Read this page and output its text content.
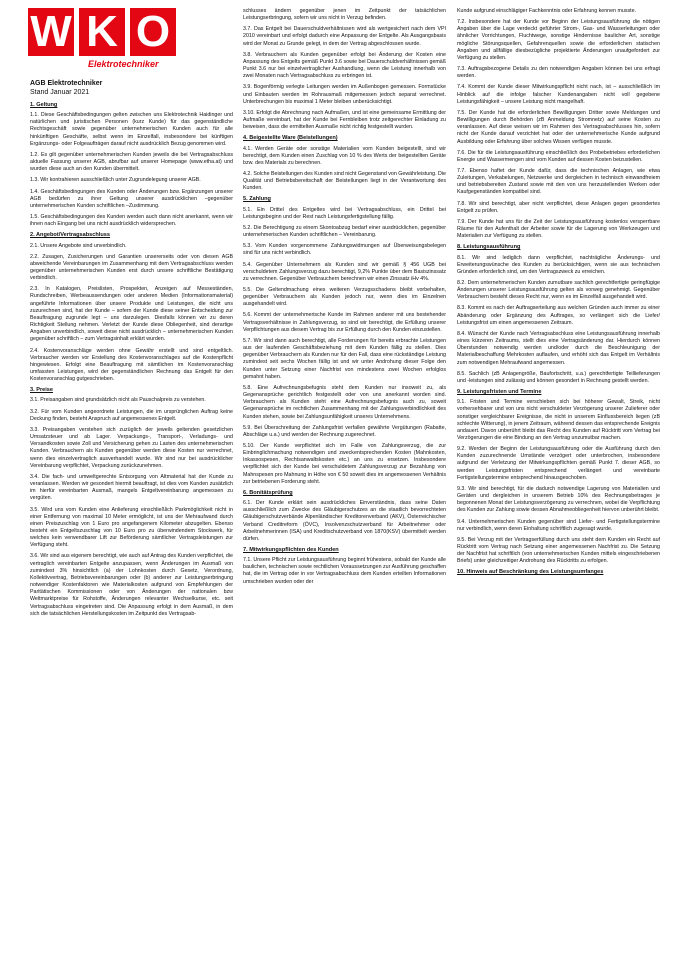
W K O
Elektrotechniker
AGB Elektrotechniker
Stand Januar 2021
1. Geltung

1.1. Diese Geschäftsbedingungen gelten zwischen uns Elektrotechnik Haidinger und natürlichen und juristischen Personen (kurz Kunde) für das gegenständliche Rechtsgeschäft sowie gegenüber unternehmerischen Kunden auch für alle hinkünftigen Geschäfte, selbst wenn im Einzelfall, insbesondere bei künftigen Ergänzungs- oder Folgeaufträgen darauf nicht ausdrücklich Bezug genommen wird.

1.2. Es gilt gegenüber unternehmerischen Kunden jeweils die bei Vertragsabschluss aktuelle Fassung unserer AGB, abrufbar auf unserer Homepage (www.etha.at) und wurden diese auch an den Kunden übermittelt.

1.3. Wir kontrahieren ausschließlich unter Zugrundelegung unserer AGB.

1.4. Geschäftsbedingungen des Kunden oder Änderungen bzw. Ergänzungen unserer AGB bedürfen zu ihrer Geltung unserer ausdrücklichen –gegenüber unternehmerischen Kunden schriftlichen –Zustimmung.

1.5. Geschäftsbedingungen des Kunden werden auch dann nicht anerkannt, wenn wir ihnen nach Eingang bei uns nicht ausdrücklich widersprechen.

2. Angebot/Vertragsabschluss

2.1. Unsere Angebote sind unverbindlich.

2.2. Zusagen, Zusicherungen und Garantien unsererseits oder von diesen AGB abweichende Vereinbarungen im Zusammenhang mit dem Vertragsabschluss werden gegenüber unternehmerischen Kunden erst durch unsere schriftliche Bestätigung verbindlich.

2.3. In Katalogen, Preislisten, Prospekten, Anzeigen auf Messeständen, Rundschreiben, Werbeaussendungen oder anderen Medien (Informationsmaterial) angeführte Informationen über unsere Produkte und Leistungen, die nicht uns zuzurechnen sind, hat der Kunde – sofern der Kunde diese seiner Entscheidung zur Beauftragung zugrunde legt – uns darzulegen. Diesfalls können wir zu deren Richtigkeit Stellung nehmen. Verletzt der Kunde diese Obliegenheit, sind derartige Angaben unverbindlich, soweit diese nicht ausdrücklich – unternehmerischen Kunden gegenüber schriftlich – zum Vertragsinhalt erklärt wurden.

2.4. Kostenvoranschläge werden ohne Gewähr erstellt und sind entgeltlich. Verbraucher werden vor Erstellung des Kostenvoranschlages auf die Kostenpflicht hingewiesen. Erfolgt eine Beauftragung mit sämtlichen im Kostenvoranschlag umfassten Leistungen, wird der gegenständlichen Rechnung das Entgelt für den Kostenvoranschlag gutgeschrieben.

3. Preise

3.1. Preisangaben sind grundsätzlich nicht als Pauschalpreis zu verstehen.

3.2. Für vom Kunden angeordnete Leistungen, die im ursprünglichen Auftrag keine Deckung finden, besteht Anspruch auf angemessenes Entgelt.

3.3. Preisangaben verstehen sich zuzüglich der jeweils geltenden gesetzlichen Umsatzsteuer und ab Lager. Verpackungs-, Transport-, Verladungs- und Versandkosten sowie Zoll und Versicherung gehen zu Lasten des unternehmerischen Kunden. Verbrauchern als Kunden gegenüber werden diese Kosten nur verrechnet, wenn dies einzelvertraglich ausverhandelt wurde. Wir sind nur bei ausdrücklicher Vereinbarung verpflichtet, Verpackung zurückzunehmen.

3.4. Die fach- und umweltgerechte Entsorgung von Altmaterial hat der Kunde zu veranlassen. Werden wir gesondert hiermit beauftragt, ist dies vom Kunden zusätzlich im hierfür vereinbarten Ausmaß, mangels Entgeltvereinbarung angemessen zu vergüten.

3.5. Wird uns vom Kunden eine Anlieferung einschließlich Parkmöglichkeit nicht in einer Entfernung von maximal 10 Meter ermöglicht, ist uns der Mehraufwand durch einen Preiszuschlag von 1 Euro pro angefangenem Kilometer abzugelten. Ebenso besteht ein Entgeltszuschlag von 10 Euro pro zu überwindendem Stockwerk, für welches kein verwendbarer Lift zur Beförderung sämtlicher Vertragsleistungen zur Verfügung steht.

3.6. Wir sind aus eigenem berechtigt, wie auch auf Antrag des Kunden verpflichtet, die vertraglich vereinbarten Entgelte anzupassen, wenn Änderungen im Ausmaß von zumindest 3% hinsichtlich (a) der Lohnkosten durch Gesetz, Verordnung, Kollektivvertrag, Betriebsvereinbarungen oder (b) anderer zur Leistungserbringung notwendiger Kostenfaktoren wie Materialkosten aufgrund von Empfehlungen der Paritätischen Kommissionen oder von Änderungen der nationalen bzw Weltmarktpreise für Rohstoffe, Änderungen relevanter Wechselkurse, etc. seit Vertragsabschluss eingetreten sind. Die Anpassung erfolgt in dem Ausmaß, in dem sich die tatsächlichen Herstellungskosten im Zeitpunkt des Vertragsab-

schlusses ändern gegenüber jenen im Zeitpunkt der tatsächlichen Leistungserbringung, sofern wir uns nicht in Verzug befinden.

3.7. Das Entgelt bei Dauerschuldverhältnissen wird als wertgesichert nach dem VPI 2010 vereinbart und erfolgt dadurch eine Anpassung der Entgelte. Als Ausgangsbasis wird der Monat zu Grunde gelegt, in dem der Vertrag abgeschlossen wurde.

3.8. Verbrauchern als Kunden gegenüber erfolgt bei Änderung der Kosten eine Anpassung des Entgelts gemäß Punkt 3.6 sowie bei Dauerschuldverhältnissen gemäß Punkt 3.6 nur bei einzelvertraglicher Aushandlung, wenn die Leistung innerhalb von zwei Monaten nach Vertragsabschluss zu erbringen ist.

3.9. Bogenförmig verlegte Leitungen werden im Außenbogen gemessen. Formstücke und Einbauten werden im Rohrausmaß mitgemessen jedoch separat verrechnet. Unterbrechungen bis maximal 1 Meter bleiben unberücksichtigt.

3.10. Erfolgt die Abrechnung nach Aufmaßen, und ist eine gemeinsame Ermittlung der Aufmaße vereinbart, hat der Kunde bei Fernbleiben trotz zeitgerechter Einladung zu beweisen, dass die ermittelten Ausmaße nicht richtig festgestellt wurden.

4. Beigestellte Ware (Beistellungen)

4.1. Werden Geräte oder sonstige Materialien vom Kunden beigestellt, sind wir berechtigt, dem Kunden einen Zuschlag von 10 % des Werts der beigestellten Geräte bzw. des Materials zu berechnen.

4.2. Solche Beistellungen des Kunden sind nicht Gegenstand von Gewährleistung. Die Qualität und Betriebsbereitschaft der Beistellungen liegt in der Verantwortung des Kunden.

5. Zahlung

5.1. Ein Drittel des Entgeltes wird bei Vertragsabschluss, ein Drittel bei Leistungsbeginn und der Rest nach Leistungsfertigstellung fällig.

5.2. Die Berechtigung zu einem Skontoabzug bedarf einer ausdrücklichen, gegenüber unternehmerischen Kunden schriftlichen – Vereinbarung.

5.3. Vom Kunden vorgenommene Zahlungswidmungen auf Überweisungsbelegen sind für uns nicht verbindlich.

5.4. Gegenüber Unternehmern als Kunden sind wir gemäß § 456 UGB bei verschuldetem Zahlungsverzug dazu berechtigt, 9,2% Punkte über dem Basiszinssatz zu verrechnen. Gegenüber Verbrauchern berechnen wir einen Zinssatz iHv 4%.

5.5. Die Geltendmachung eines weiteren Verzugsschadens bleibt vorbehalten, gegenüber Verbrauchern als Kunden jedoch nur, wenn dies im Einzelnen ausgehandelt wird.

5.6. Kommt der unternehmerische Kunde im Rahmen anderer mit uns bestehender Vertragsverhältnisse in Zahlungsverzug, so sind wir berechtigt, die Erfüllung unserer Verpflichtungen aus diesem Vertrag bis zur Erfüllung durch den Kunden einzustellen.

5.7. Wir sind dann auch berechtigt, alle Forderungen für bereits erbrachte Leistungen aus der laufenden Geschäftsbeziehung mit dem Kunden fällig zu stellen. Dies gegenüber Verbrauchern als Kunden nur für den Fall, dass eine rückständige Leistung zumindest seit sechs Wochen fällig ist und wir unter Androhung dieser Folge den Kunden unter Setzung einer Nachfrist von mindestens zwei Wochen erfolglos gemahnt haben.

5.8. Eine Aufrechnungsbefugnis steht dem Kunden nur insoweit zu, als Gegenansprüche gerichtlich festgestellt oder von uns anerkannt worden sind. Verbrauchern als Kunden steht eine Aufrechnungsbefugnis auch zu, soweit Gegenansprüche im rechtlichen Zusammenhang mit der Zahlungsverbindlichkeit des Kunden stehen, sowie bei Zahlungsunfähigkeit unseres Unternehmens.

5.9. Bei Überschreitung der Zahlungsfrist verfallen gewährte Vergütungen (Rabatte, Abschläge u.a.) und werden der Rechnung zugerechnet.

5.10. Der Kunde verpflichtet sich im Falle von Zahlungsverzug, die zur Einbringlichmachung notwendigen und zweckentsprechenden Kosten (Mahnkosten, Inkassospesen, Rechtsanwaltskosten etc.) an uns zu ersetzen. Insbesondere verpflichtet sich der Kunde bei verschuldetem Zahlungsverzug zur Bezahlung von Mahnspesen pro Mahnung in Höhe von € 50 soweit dies im angemessenen Verhältnis zur betriebenen Forderung steht.

6. Bonitätsprüfung

6.1. Der Kunde erklärt sein ausdrückliches Einverständnis, dass seine Daten ausschließlich zum Zwecke des Gläubigerschutzes an die staatlich bevorrechteten Gläubigerschutzverbände Alpenländischer Kreditorenverband (AKV), Österreichischer Verband Creditreform (ÖVC), Insolvenzschutzverband für Arbeitnehmer oder Arbeitnehmerinnen (ISA) und Kreditschutzverband von 1870(KSV) übermittelt werden dürfen.

7. Mitwirkungspflichten des Kunden

7.1. Unsere Pflicht zur Leistungsausführung beginnt frühestens, sobald der Kunde alle baulichen, technischen sowie rechtlichen Voraussetzungen zur Ausführung geschaffen hat, die im Vertrag oder in vor Vertragsabschluss dem Kunden erteilten Informationen umschrieben wurden oder der

Kunde aufgrund einschlägiger Fachkenntnis oder Erfahrung kennen musste.

7.2. Insbesondere hat der Kunde vor Beginn der Leistungsausführung die nötigen Angaben über die Lage verdeckt geführter Strom-, Gas- und Wasserleitungen oder ähnlicher Vorrichtungen, Fluchtwege, sonstige Hindernisse baulicher Art, sonstige mögliche Störungsquellen, Gefahrenquellen sowie die erforderlichen statischen Angaben und allfällige diesbezügliche projektierte Änderungen unaufgefordert zur Verfügung zu stellen.

7.3. Auftragsbezogene Details zu den notwendigen Angaben können bei uns erfragt werden.

7.4. Kommt der Kunde dieser Mitwirkungspflicht nicht nach, ist – ausschließlich im Hinblick auf die infolge falscher Kundenangaben nicht voll gegebene Leistungsfähigkeit – unsere Leistung nicht mangelhaft.

7.5. Der Kunde hat die erforderlichen Bewilligungen Dritter sowie Meldungen und Bewilligungen durch Behörden (zB Anmeldung Stromnetz) auf seine Kosten zu veranlassen. Auf diese weisen wir im Rahmen des Vertragsabschlusses hin, sofern nicht der Kunde darauf verzichtet hat oder der unternehmerische Kunde aufgrund Ausbildung oder Erfahrung über solches Wissen verfügen musste.

7.6. Die für die Leistungsausführung einschließlich des Probebetriebes erforderlichen Energie und Wassermengen sind vom Kunden auf dessen Kosten beizustellen.

7.7. Ebenso haftet der Kunde dafür, dass die technischen Anlagen, wie etwa Zuleitungen, Verkabelungen, Netzwerke und dergleichen in technisch einwandfreiem und betriebsbereiten Zustand sowie mit den von uns herzustellenden Werken oder Kaufgegenständen kompatibel sind.

7.8. Wir sind berechtigt, aber nicht verpflichtet, diese Anlagen gegen gesondertes Entgelt zu prüfen.

7.9. Der Kunde hat uns für die Zeit der Leistungsausführung kostenlos versperrbare Räume für den Aufenthalt der Arbeiter sowie für die Lagerung von Werkzeugen und Materialien zur Verfügung zu stellen.

8. Leistungsausführung

8.1. Wir sind lediglich dann verpflichtet, nachträgliche Änderungs- und Erweiterungswünsche des Kunden zu berücksichtigen, wenn sie aus technischen Gründen erforderlich sind, um den Vertragszweck zu erreichen.

8.2. Dem unternehmerischen Kunden zumutbare sachlich gerechtfertigte geringfügige Änderungen unserer Leistungsausführung gelten als vorweg genehmigt. Gegenüber Verbrauchern besteht dieses Recht nur, wenn es im Einzelfall ausgehandelt wird.

8.3. Kommt es nach der Auftragserteilung aus welchen Gründen auch immer zu einer Abänderung oder Ergänzung des Auftrages, so verlängert sich die Liefer/ Leistungsfrist um einen angemessenen Zeitraum.

8.4. Wünscht der Kunde nach Vertragsabschluss eine Leistungsausführung innerhalb eines kürzeren Zeitraums, stellt dies eine Vertragsänderung dar. Hierdurch können Überstunden notwendig werden und/oder durch die Beschleunigung der Materialbeschaffung Mehrkosten auflaufen, und erhöht sich das Entgelt im Verhältnis zum notwendigen Mehraufwand angemessen.

8.5. Sachlich (zB Anlagengröße, Baufortschritt, u.a.) gerechtfertigte Teillieferungen und -leistungen sind zulässig und können gesondert in Rechnung gestellt werden.

9. Leistungsfristen und Termine

9.1. Fristen und Termine verschieben sich bei höherer Gewalt, Streik, nicht vorhersehbarer und von uns nicht verschuldeter Verzögerung unserer Zulieferer oder sonstiger vergleichbarer Ereignisse, die nicht in unserem Einflussbereich liegen (zB schlechte Witterung), in jenem Zeitraum, während dessen das entsprechende Ereignis andauert. Davon unberührt bleibt das Recht des Kunden auf Rücktritt vom Vertrag bei Verzögerungen die eine Bindung an den Vertrag unzumutbar machen.

9.2. Werden der Beginn der Leistungsausführung oder die Ausführung durch den Kunden zuzurechnende Umstände verzögert oder unterbrochen, insbesondere aufgrund der Verletzung der Mitwirkungspflichten gemäß Punkt 7. dieser AGB, so werden Leistungsfristen entsprechend verlängert und vereinbarte Fertigstellungstermine entsprechend hinausgeschoben.

9.3. Wir sind berechtigt, für die dadurch notwendige Lagerung von Materialien und Geräten und dergleichen in unserem Betrieb 10% des Rechnungsbetrages je begonnenen Monat der Leistungsverzögerung zu verrechnen, wobei die Verpflichtung des Kunden zur Zahlung sowie dessen Abnahmeobliegenheit hiervon unberührt bleibt.

9.4. Unternehmerischen Kunden gegenüber sind Liefer- und Fertigstellungstermine nur verbindlich, wenn deren Einhaltung schriftlich zugesagt wurde.

9.5. Bei Verzug mit der Vertragserfüllung durch uns steht dem Kunden ein Recht auf Rücktritt vom Vertrag nach Setzung einer angemessenen Nachfrist zu. Die Setzung der Nachfrist hat schriftlich (von unternehmerischen Kunden mittels eingeschriebenen Briefs) unter gleichzeitiger Androhung des Rücktritts zu erfolgen.

10. Hinweis auf Beschränkung des Leistungsumfanges
